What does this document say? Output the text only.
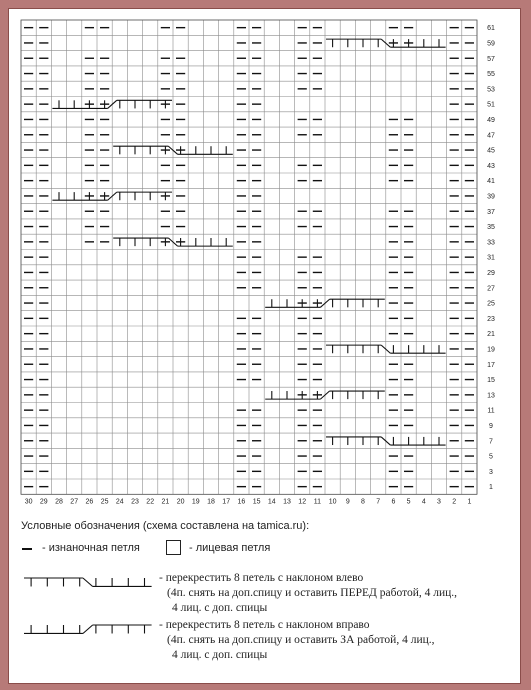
30 29 28 27 26 25 24 23 22 21 20 19 18 17 16 15 14 13 12 11 10 9 8 7 6 5 4 3 2 1
61
59
57
55
53
51
49
47
45
43
41
39
37
35
33
31
29
27
25
23
21
19
17
15
13
11
9
7
5
3
1
Условные обозначения (схема составлена на tamica.ru):
- изнаночная петля	- лицевая петля
- перекрестить 8 петель с наклоном влево
(4п. снять на доп.спицу и оставить ПЕРЕД работой, 4 лиц.,
4 лиц. с доп. спицы
- перекрестить 8 петель с наклоном вправо
(4п. снять на доп.спицу и оставить ЗА работой, 4 лиц.,
4 лиц. с доп. спицы
